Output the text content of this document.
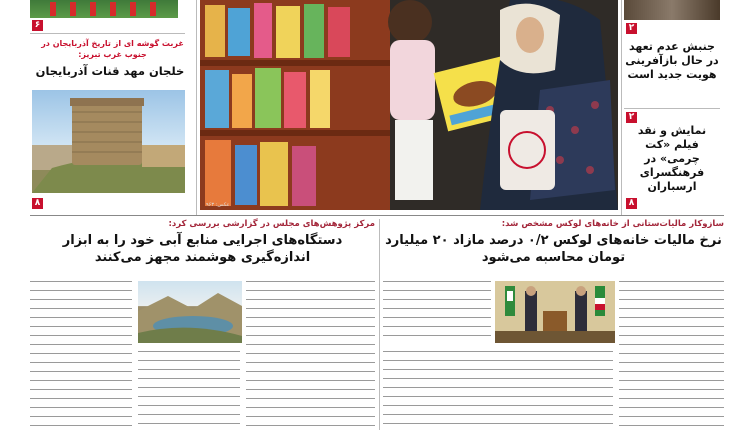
۶
غربت گوشه ای از تاریخ آذربایجان در جنوب غرب تبریز:
خلجان مهد قنات آذربایجان
۸	عکس: ۹۶۳
۲
جنبش عدم تعهد در حال بازآفرینی هویت جدید است
۲
نمایش و نقد فیلم «کت چرمی» در فرهنگسرای ارسباران
۸
مرکز پژوهش‌های مجلس در گزارشی بررسی کرد:
دستگاه‌های اجرایی منابع آبی خود را به ابزار اندازه‌گیری هوشمند مجهز می‌کنند
سازوکار مالیات‌ستانی از خانه‌های لوکس مشخص شد:
نرخ مالیات خانه‌های لوکس ۰/۲ درصد مازاد ۲۰ میلیارد تومان محاسبه می‌شود
